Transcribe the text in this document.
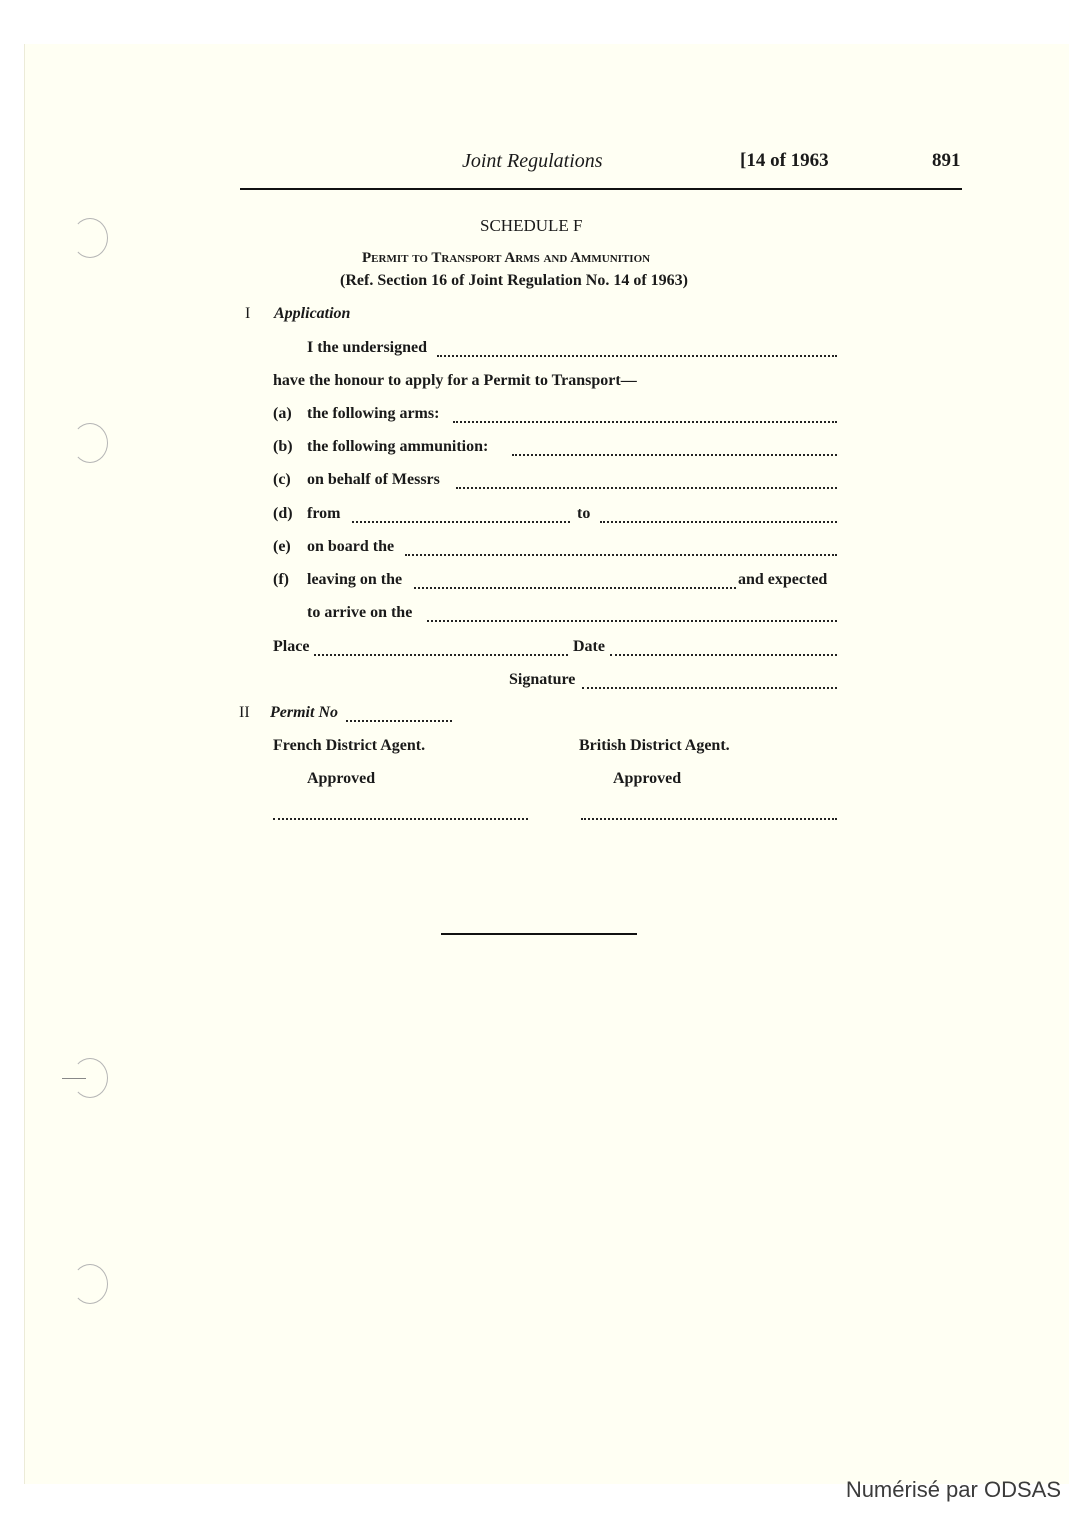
Joint Regulations	[14 of 1963	891
SCHEDULE F
Permit to Transport Arms and Ammunition
(Ref. Section 16 of Joint Regulation No. 14 of 1963)
I Application
I the undersigned
have the honour to apply for a Permit to Transport—
(a) the following arms:
(b) the following ammunition:
(c) on behalf of Messrs
(d) from	to
(e) on board the
(f) leaving on the	and expected
to arrive on the
Place	Date
Signature
II Permit No
French District Agent.	British District Agent.
Approved	Approved
Numérisé par ODSAS
